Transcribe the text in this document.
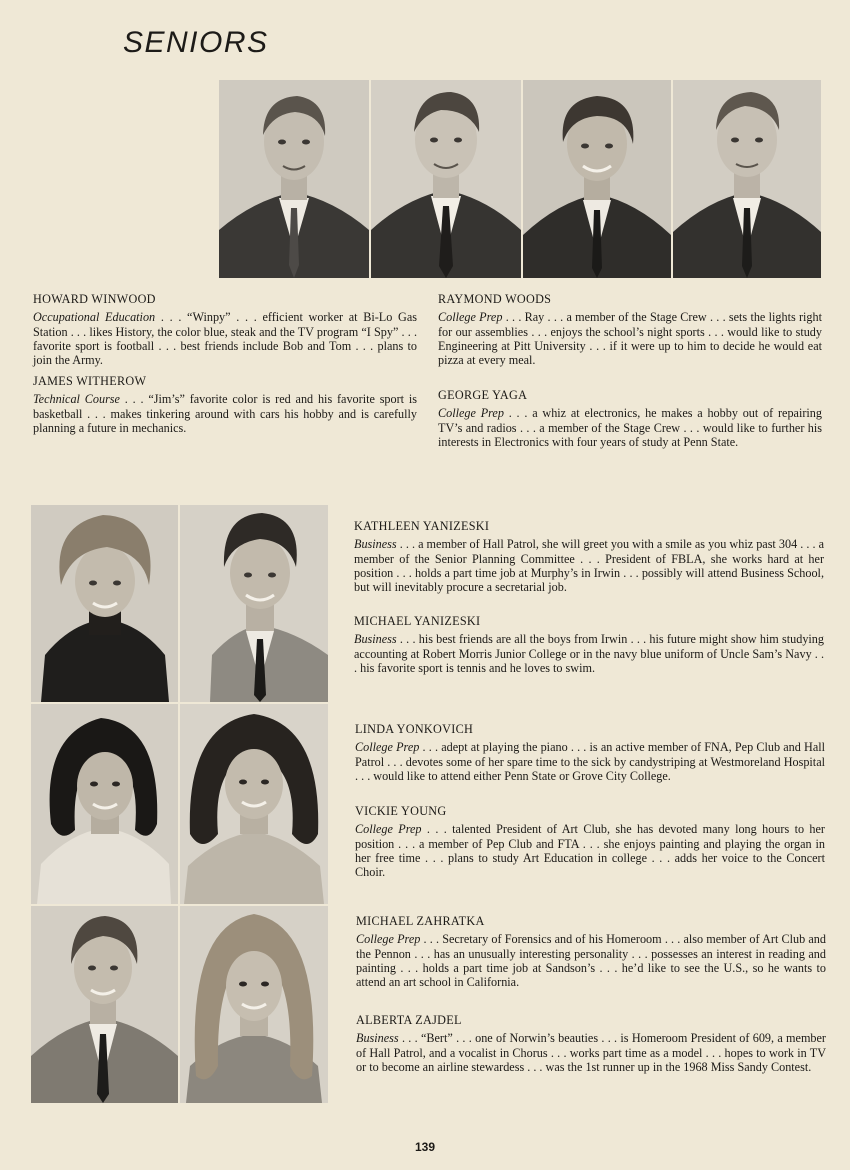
SENIORS
HOWARD WINWOOD
Occupational Education . . . “Winpy” . . . efficient worker at Bi-Lo Gas Station . . . likes History, the color blue, steak and the TV program “I Spy” . . . favorite sport is football . . . best friends include Bob and Tom . . . plans to join the Army.
JAMES WITHEROW
Technical Course . . . “Jim’s” favorite color is red and his favorite sport is basketball . . . makes tinkering around with cars his hobby and is carefully planning a future in mechanics.
RAYMOND WOODS
College Prep . . . Ray . . . a member of the Stage Crew . . . sets the lights right for our assemblies . . . enjoys the school’s night sports . . . would like to study Engineering at Pitt University . . . if it were up to him to decide he would eat pizza at every meal.
GEORGE YAGA
College Prep . . . a whiz at electronics, he makes a hobby out of repairing TV’s and radios . . . a member of the Stage Crew . . . would like to further his interests in Electronics with four years of study at Penn State.
KATHLEEN YANIZESKI
Business . . . a member of Hall Patrol, she will greet you with a smile as you whiz past 304 . . . a member of the Senior Planning Committee . . . President of FBLA, she works hard at her position . . . holds a part time job at Murphy’s in Irwin . . . possibly will attend Business School, but will inevitably procure a secretarial job.
MICHAEL YANIZESKI
Business . . . his best friends are all the boys from Irwin . . . his future might show him studying accounting at Robert Morris Junior College or in the navy blue uniform of Uncle Sam’s Navy . . . his favorite sport is tennis and he loves to swim.
LINDA YONKOVICH
College Prep . . . adept at playing the piano . . . is an active member of FNA, Pep Club and Hall Patrol . . . devotes some of her spare time to the sick by candystriping at Westmoreland Hospital . . . would like to attend either Penn State or Grove City College.
VICKIE YOUNG
College Prep . . . talented President of Art Club, she has devoted many long hours to her position . . . a member of Pep Club and FTA . . . she enjoys painting and playing the organ in her free time . . . plans to study Art Education in college . . . adds her voice to the Concert Choir.
MICHAEL ZAHRATKA
College Prep . . . Secretary of Forensics and of his Homeroom . . . also member of Art Club and the Pennon . . . has an unusually interesting personality . . . possesses an interest in reading and painting . . . holds a part time job at Sandson’s . . . he’d like to see the U.S., so he wants to attend an art school in California.
ALBERTA ZAJDEL
Business . . . “Bert” . . . one of Norwin’s beauties . . . is Homeroom President of 609, a member of Hall Patrol, and a vocalist in Chorus . . . works part time as a model . . . hopes to work in TV or to become an airline stewardess . . . was the 1st runner up in the 1968 Miss Sandy Contest.
139
